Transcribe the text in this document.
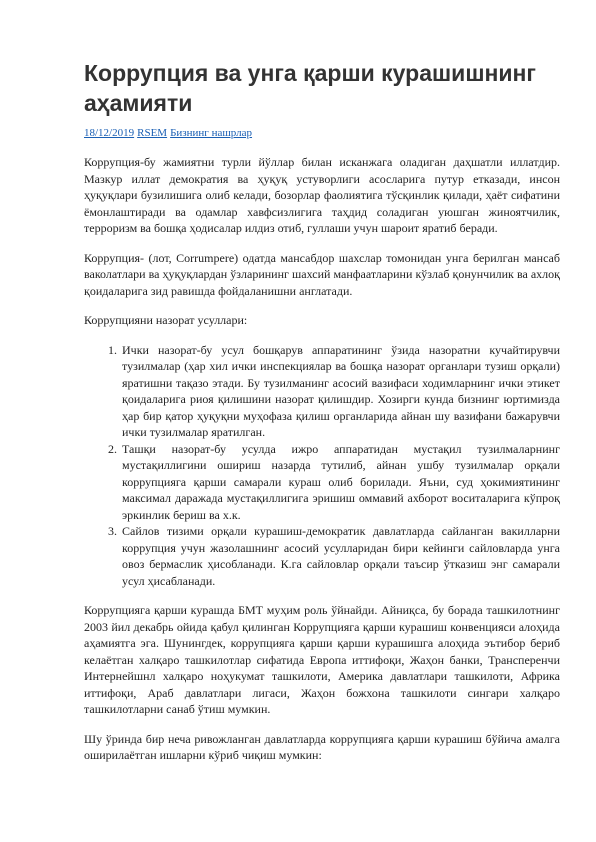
Коррупция ва унга қарши курашишнинг аҳамияти
18/12/2019 RSEM Бизнинг нашрлар

Коррупция-бу жамиятни турли йўллар билан исканжага оладиган даҳшатли иллатдир. Мазкур иллат демократия ва ҳуқуқ устуворлиги асосларига путур етказади, инсон ҳуқуқлари бузилишига олиб келади, бозорлар фаолиятига тўсқинлик қилади, ҳаёт сифатини ёмонлаштиради ва одамлар хавфсизлигига таҳдид соладиган уюшган жиноятчилик, терроризм ва бошқа ҳодисалар илдиз отиб, гуллаши учун шароит яратиб беради.

Коррупция- (лот, Corrumpere) одатда мансабдор шахслар томонидан унга берилган мансаб ваколатлари ва ҳуқуқлардан ўзларининг шахсий манфаатларини кўзлаб қонунчилик ва ахлоқ қоидаларига зид равишда фойдаланишни англатади.

Коррупцияни назорат усуллари:

1. Ички назорат-бу усул бошқарув аппаратининг ўзида назоратни кучайтирувчи тузилмалар (ҳар хил ички инспекциялар ва бошқа назорат органлари тузиш орқали) яратишни тақазо этади. Бу тузилманинг асосий вазифаси ходимларнинг ички этикет қоидаларига риоя қилишини назорат қилишдир. Хозирги кунда бизнинг юртимизда ҳар бир қатор ҳуқуқни муҳофаза қилиш органларида айнан шу вазифани бажарувчи ички тузилмалар яратилган.
2. Ташқи назорат-бу усулда ижро аппаратидан мустақил тузилмаларнинг мустақиллигини ошириш назарда тутилиб, айнан ушбу тузилмалар орқали коррупцияга қарши самарали кураш олиб борилади. Яъни, суд ҳокимиятининг максимал даражада мустақиллигига эришиш оммавий ахборот воситаларига кўпроқ эркинлик бериш ва х.к.
3. Сайлов тизими орқали курашиш-демократик давлатларда сайланган вакилларни коррупция учун жазолашнинг асосий усулларидан бири кейинги сайловларда унга овоз бермаслик ҳисобланади. К.га сайловлар орқали таъсир ўтказиш энг самарали усул ҳисабланади.

Коррупцияга қарши курашда БМТ муҳим роль ўйнайди. Айниқса, бу борада ташкилотнинг 2003 йил декабрь ойида қабул қилинган Коррупцияга қарши курашиш конвенцияси алоҳида аҳамиятга эга. Шунингдек, коррупцияга қарши қарши курашишга алоҳида эътибор бериб келаётган халқаро ташкилотлар сифатида Европа иттифоқи, Жаҳон банки, Трансперенчи Интернейшнл халқаро ноҳукумат ташкилоти, Америка давлатлари ташкилоти, Африка иттифоқи, Араб давлатлари лигаси, Жаҳон божхона ташкилоти сингари халқаро ташкилотларни санаб ўтиш мумкин.

Шу ўринда бир неча ривожланган давлатларда коррупцияга қарши курашиш бўйича амалга оширилаётган ишларни кўриб чиқиш мумкин:
